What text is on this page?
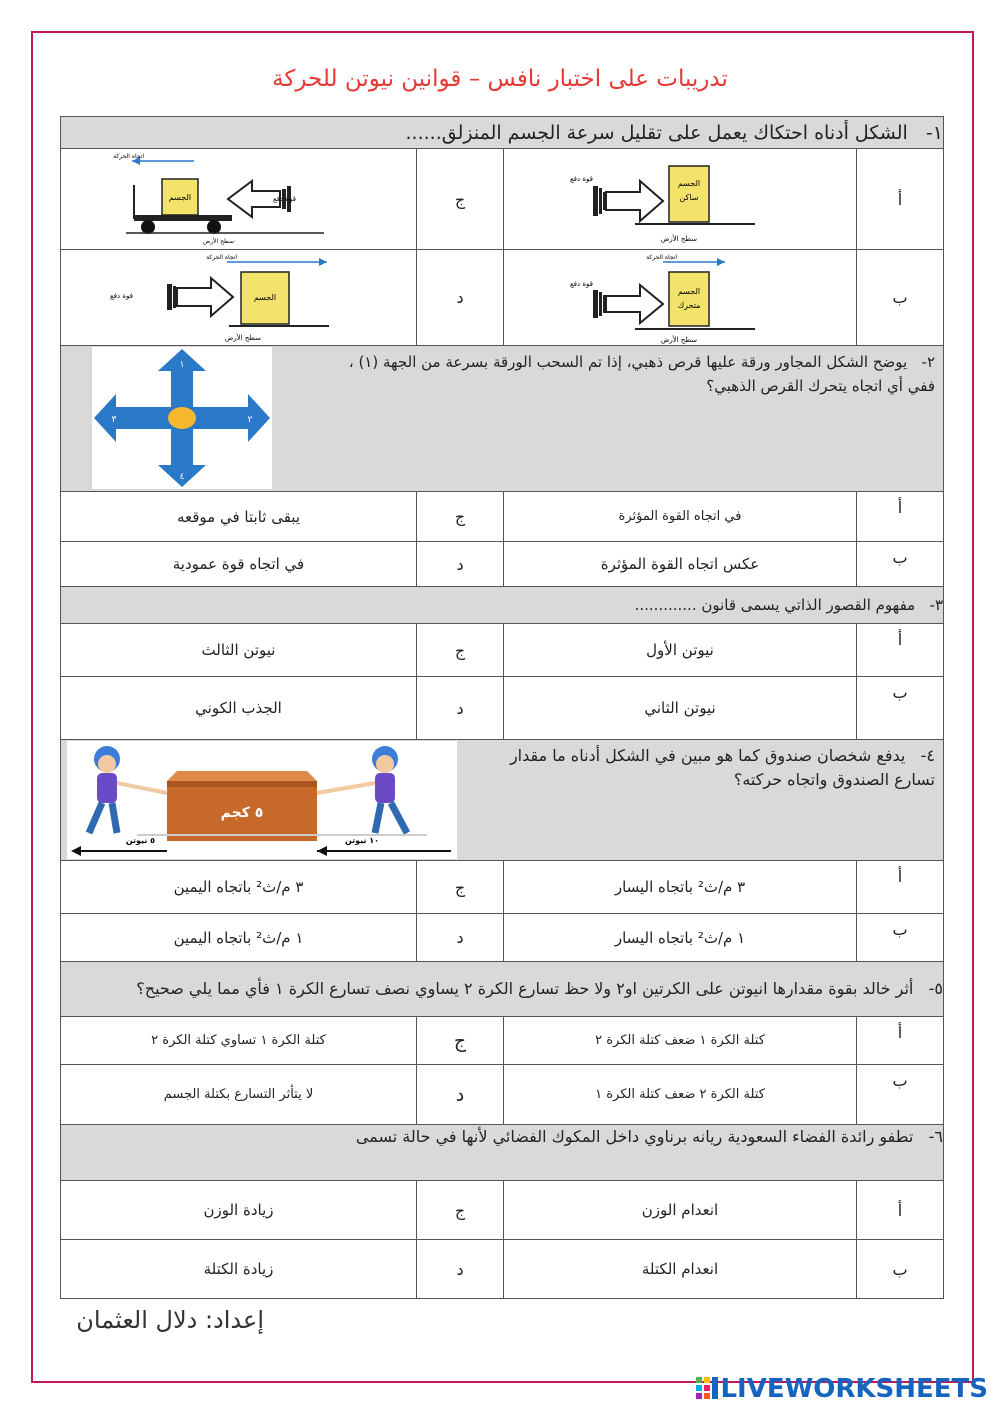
تدريبات على اختبار نافس – قوانين نيوتن للحركة
١-   الشكل أدناه احتكاك يعمل على تقليل سرعة الجسم المنزلق......			
أ	الجسم
ساكن
قوة دفع
سطح الأرض	ج	اتجاه الحركة
الجسم قوة دفع
سطح الأرض

ب	اتجاه الحركة
الجسم
متحرك
قوة دفع
سطح الأرض	د	اتجاه الحركة
قوة دفع الجسم
سطح الأرض

٢-   يوضح الشكل المجاور ورقة عليها قرص ذهبي، إذا تم السحب الورقة بسرعة من الجهة (١) ، ففي أي اتجاه يتحرك القرص الذهبي؟
١
٢
٣
٤			

أ	في اتجاه القوة المؤثرة	ج	يبقى ثابتا في موقعه
ب	عكس اتجاه القوة المؤثرة	د	في اتجاه قوة عمودية
٣-   مفهوم القصور الذاتي يسمى قانون .............			
أ	نيوتن الأول	ج	نيوتن الثالث
ب	نيوتن الثاني	د	الجذب الكوني

٤-   يدفع شخصان صندوق كما هو مبين في الشكل أدناه ما مقدار تسارع الصندوق واتجاه حركته؟
٥ كجم
٥ نيوتن ١٠ نيوتن			

أ	٣ م/ث² باتجاه اليسار	ج	٣ م/ث² باتجاه اليمين
ب	١ م/ث² باتجاه اليسار	د	١ م/ث² باتجاه اليمين
٥-   أثر خالد بقوة مقدارها انيوتن على الكرتين او٢ ولا حظ تسارع الكرة ٢ يساوي نصف تسارع الكرة ١ فأي مما يلي صحيح؟			
أ	كتلة الكرة ١ ضعف كتلة الكرة ٢	ج	كتلة الكرة ١ تساوي كتلة الكرة ٢
ب	كتلة الكرة ٢ ضعف كتلة الكرة ١	د	لا يتأثر التسارع بكتلة الجسم
٦-   تطفو رائدة الفضاء السعودية ريانه برناوي داخل المكوك الفضائي لأنها في حالة تسمى			
أ	انعدام الوزن	ج	زيادة الوزن
ب	انعدام الكتلة	د	زيادة الكتلة
إعداد: دلال العثمان
LIVEWORKSHEETS
